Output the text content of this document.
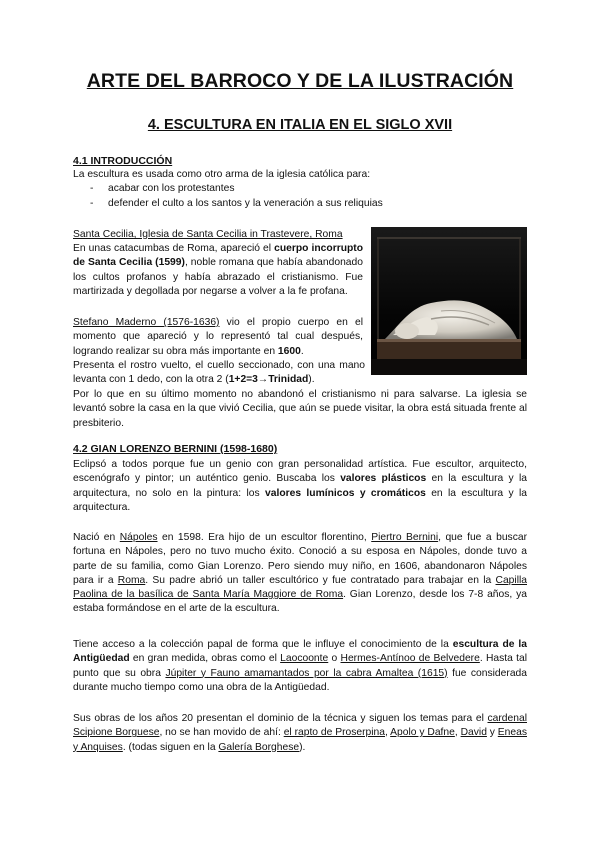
ARTE DEL BARROCO Y DE LA ILUSTRACIÓN
4. ESCULTURA EN ITALIA EN EL SIGLO XVII
4.1 INTRODUCCIÓN
La escultura es usada como otro arma de la iglesia católica para:
- acabar con los protestantes
- defender el culto a los santos y la veneración a sus reliquias
Santa Cecilia, Iglesia de Santa Cecilia in Trastevere, Roma
En unas catacumbas de Roma, apareció el cuerpo incorrupto de Santa Cecilia (1599), noble romana que había abandonado los cultos profanos y había abrazado el cristianismo. Fue martirizada y degollada por negarse a volver a la fe profana.
Stefano Maderno (1576-1636) vio el propio cuerpo en el momento que apareció y lo representó tal cual después, logrando realizar su obra más importante en 1600.
Presenta el rostro vuelto, el cuello seccionado, con una mano levanta con 1 dedo, con la otra 2 (1+2=3→Trinidad).
Por lo que en su último momento no abandonó el cristianismo ni para salvarse. La iglesia se levantó sobre la casa en la que vivió Cecilia, que aún se puede visitar, la obra está situada frente al presbiterio.
4.2 GIAN LORENZO BERNINI (1598-1680)
Eclipsó a todos porque fue un genio con gran personalidad artística. Fue escultor, arquitecto, escenógrafo y pintor; un auténtico genio. Buscaba los valores plásticos en la escultura y la arquitectura, no solo en la pintura: los valores lumínicos y cromáticos en la escultura y la arquitectura.
Nació en Nápoles en 1598. Era hijo de un escultor florentino, Piertro Bernini, que fue a buscar fortuna en Nápoles, pero no tuvo mucho éxito. Conoció a su esposa en Nápoles, donde tuvo a parte de su familia, como Gian Lorenzo. Pero siendo muy niño, en 1606, abandonaron Nápoles para ir a Roma. Su padre abrió un taller escultórico y fue contratado para trabajar en la Capilla Paolina de la basílica de Santa María Maggiore de Roma. Gian Lorenzo, desde los 7-8 años, ya estaba formándose en el arte de la escultura.
Tiene acceso a la colección papal de forma que le influye el conocimiento de la escultura de la Antigüedad en gran medida, obras como el Laocoonte o Hermes-Antínoo de Belvedere. Hasta tal punto que su obra Júpiter y Fauno amamantados por la cabra Amaltea (1615) fue considerada durante mucho tiempo como una obra de la Antigüedad.
Sus obras de los años 20 presentan el dominio de la técnica y siguen los temas para el cardenal Scipione Borguese, no se han movido de ahí: el rapto de Proserpina, Apolo y Dafne, David y Eneas y Anquises. (todas siguen en la Galería Borghese).
